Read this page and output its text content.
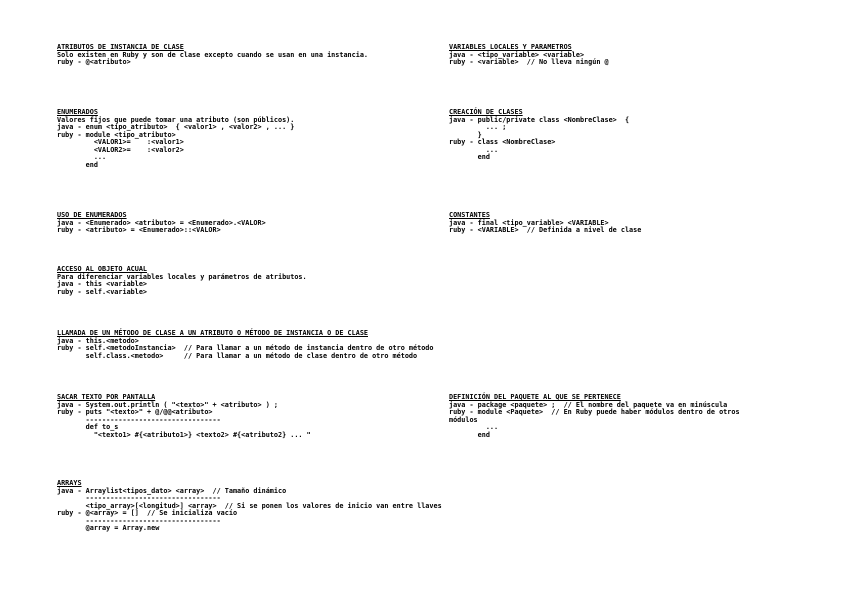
ATRIBUTOS DE INSTANCIA DE CLASE
Solo existen en Ruby y son de clase excepto cuando se usan en una instancia.
ruby - @<atributo>
ENUMERADOS
Valores fijos que puede tomar una atributo (son públicos).
java - enum <tipo_atributo>  { <valor1> , <valor2> , ... }
ruby - module <tipo_atributo>
<VALOR1>=    :<valor1>
<VALOR2>=    :<valor2>
...
end
USO DE ENUMERADOS
java - <Enumerado> <atributo> = <Enumerado>.<VALOR>
ruby - <atributo> = <Enumerado>::<VALOR>
ACCESO AL OBJETO ACUAL
Para diferenciar variables locales y parámetros de atributos.
java - this <variable>
ruby - self.<variable>
LLAMADA DE UN MÉTODO DE CLASE A UN ATRIBUTO O MÉTODO DE INSTANCIA O DE CLASE
java - this.<metodo>
ruby - self.<metodoInstancia>  // Para llamar a un método de instancia dentro de otro método
self.class.<metodo>     // Para llamar a un método de clase dentro de otro método
SACAR TEXTO POR PANTALLA
java - System.out.println ( "<texto>" + <atributo> ) ;
ruby - puts "<texto>" + @/@@<atributo>
---------------------------------
def to_s
"<texto1> #{<atributo1>} <texto2> #{<atributo2} ... "
ARRAYS
java - Arraylist<tipos_dato> <array>  // Tamaño dinámico
---------------------------------
<tipo_array>[<longitud>] <array>  // Si se ponen los valores de inicio van entre llaves
ruby - @<array> = []  // Se inicializa vacío
---------------------------------
@array = Array.new
VARIABLES LOCALES Y PARAMETROS
java - <tipo_variable> <variable>
ruby - <variable>  // No lleva ningún @
CREACIÓN DE CLASES
java - public/private class <NombreClase>  {
... ;
}
ruby - class <NombreClase>
...
end
CONSTANTES
java - final <tipo_variable> <VARIABLE>
ruby - <VARIABLE>  // Definida a nivel de clase
DEFINICIÓN DEL PAQUETE AL QUE SE PERTENECE
java - package <paquete> ;  // El nombre del paquete va en minúscula
ruby - module <Paquete>  // En Ruby puede haber módulos dentro de otros
módulos
...
end
